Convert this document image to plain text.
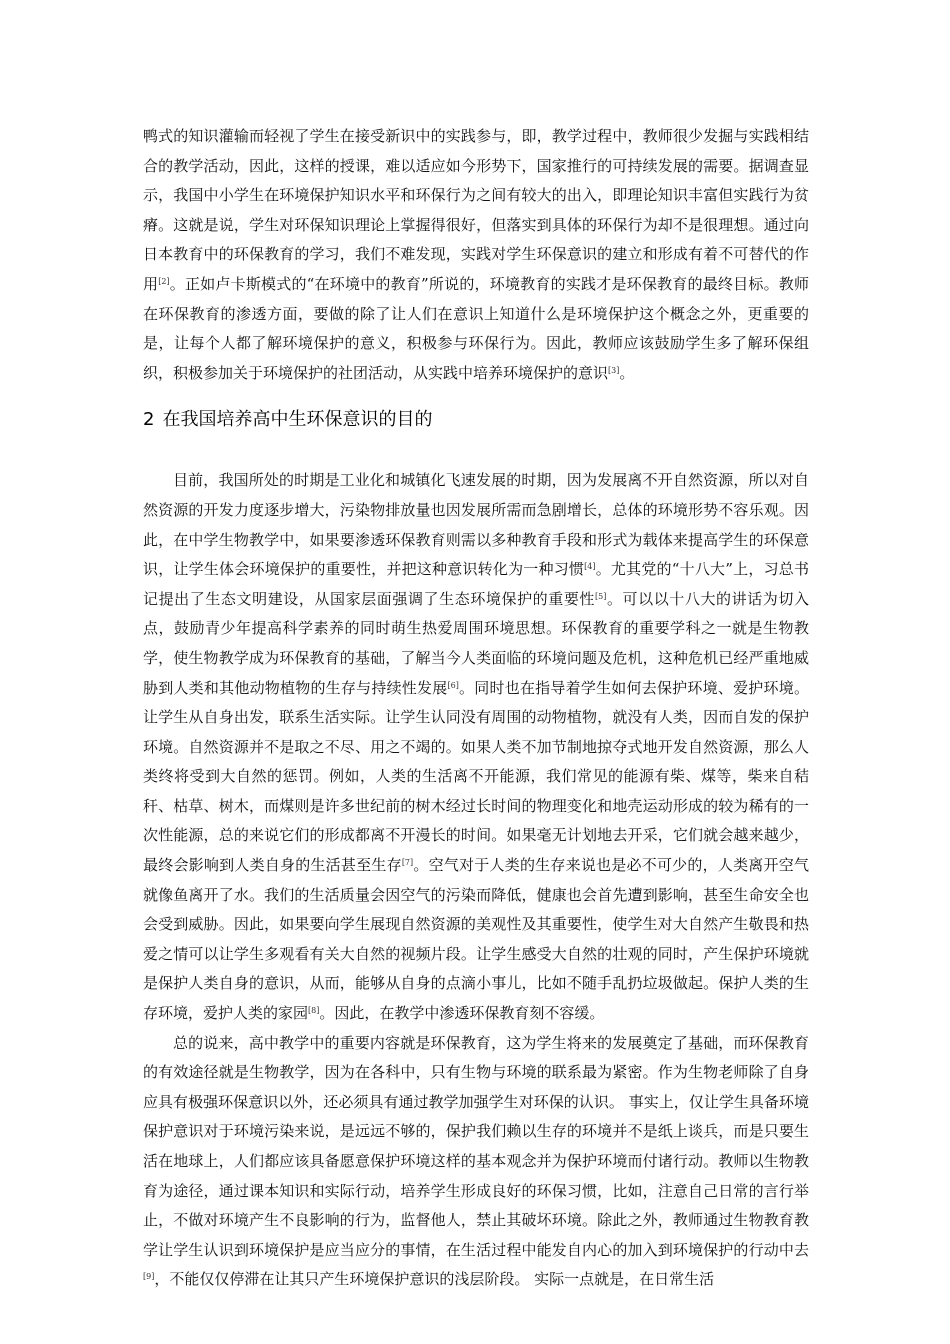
鸭式的知识灌输而轻视了学生在接受新识中的实践参与，即，教学过程中，教师很少发掘与实践相结合的教学活动，因此，这样的授课，难以适应如今形势下，国家推行的可持续发展的需要。据调查显示，我国中小学生在环境保护知识水平和环保行为之间有较大的出入，即理论知识丰富但实践行为贫瘠。这就是说，学生对环保知识理论上掌握得很好，但落实到具体的环保行为却不是很理想。通过向日本教育中的环保教育的学习，我们不难发现，实践对学生环保意识的建立和形成有着不可替代的作用[2]。正如卢卡斯模式的“在环境中的教育”所说的，环境教育的实践才是环保教育的最终目标。教师在环保教育的渗透方面，要做的除了让人们在意识上知道什么是环境保护这个概念之外，更重要的是，让每个人都了解环境保护的意义，积极参与环保行为。因此，教师应该鼓励学生多了解环保组织，积极参加关于环境保护的社团活动，从实践中培养环境保护的意识[3]。

2 在我国培养高中生环保意识的目的

目前，我国所处的时期是工业化和城镇化飞速发展的时期，因为发展离不开自然资源，所以对自然资源的开发力度逐步增大，污染物排放量也因发展所需而急剧增长，总体的环境形势不容乐观。因此，在中学生物教学中，如果要渗透环保教育则需以多种教育手段和形式为载体来提高学生的环保意识，让学生体会环境保护的重要性，并把这种意识转化为一种习惯[4]。尤其党的“十八大”上，习总书记提出了生态文明建设，从国家层面强调了生态环境保护的重要性[5]。可以以十八大的讲话为切入点，鼓励青少年提高科学素养的同时萌生热爱周围环境思想。环保教育的重要学科之一就是生物教学，使生物教学成为环保教育的基础，了解当今人类面临的环境问题及危机，这种危机已经严重地威胁到人类和其他动物植物的生存与持续性发展[6]。同时也在指导着学生如何去保护环境、爱护环境。让学生从自身出发，联系生活实际。让学生认同没有周围的动物植物，就没有人类，因而自发的保护环境。自然资源并不是取之不尽、用之不竭的。如果人类不加节制地掠夺式地开发自然资源，那么人类终将受到大自然的惩罚。例如，人类的生活离不开能源，我们常见的能源有柴、煤等，柴来自秸秆、枯草、树木，而煤则是许多世纪前的树木经过长时间的物理变化和地壳运动形成的较为稀有的一次性能源，总的来说它们的形成都离不开漫长的时间。如果毫无计划地去开采，它们就会越来越少，最终会影响到人类自身的生活甚至生存[7]。空气对于人类的生存来说也是必不可少的，人类离开空气就像鱼离开了水。我们的生活质量会因空气的污染而降低，健康也会首先遭到影响，甚至生命安全也会受到威胁。因此，如果要向学生展现自然资源的美观性及其重要性，使学生对大自然产生敬畏和热爱之情可以让学生多观看有关大自然的视频片段。让学生感受大自然的壮观的同时，产生保护环境就是保护人类自身的意识，从而，能够从自身的点滴小事儿，比如不随手乱扔垃圾做起。保护人类的生存环境，爱护人类的家园[8]。因此，在教学中渗透环保教育刻不容缓。

总的说来，高中教学中的重要内容就是环保教育，这为学生将来的发展奠定了基础，而环保教育的有效途径就是生物教学，因为在各科中，只有生物与环境的联系最为紧密。作为生物老师除了自身应具有极强环保意识以外，还必须具有通过教学加强学生对环保的认识。 事实上，仅让学生具备环境保护意识对于环境污染来说，是远远不够的，保护我们赖以生存的环境并不是纸上谈兵，而是只要生活在地球上，人们都应该具备愿意保护环境这样的基本观念并为保护环境而付诸行动。教师以生物教育为途径，通过课本知识和实际行动，培养学生形成良好的环保习惯，比如，注意自己日常的言行举止，不做对环境产生不良影响的行为，监督他人，禁止其破坏环境。除此之外，教师通过生物教育教学让学生认识到环境保护是应当应分的事情，在生活过程中能发自内心的加入到环境保护的行动中去[9]，不能仅仅停滞在让其只产生环境保护意识的浅层阶段。 实际一点就是，在日常生活
